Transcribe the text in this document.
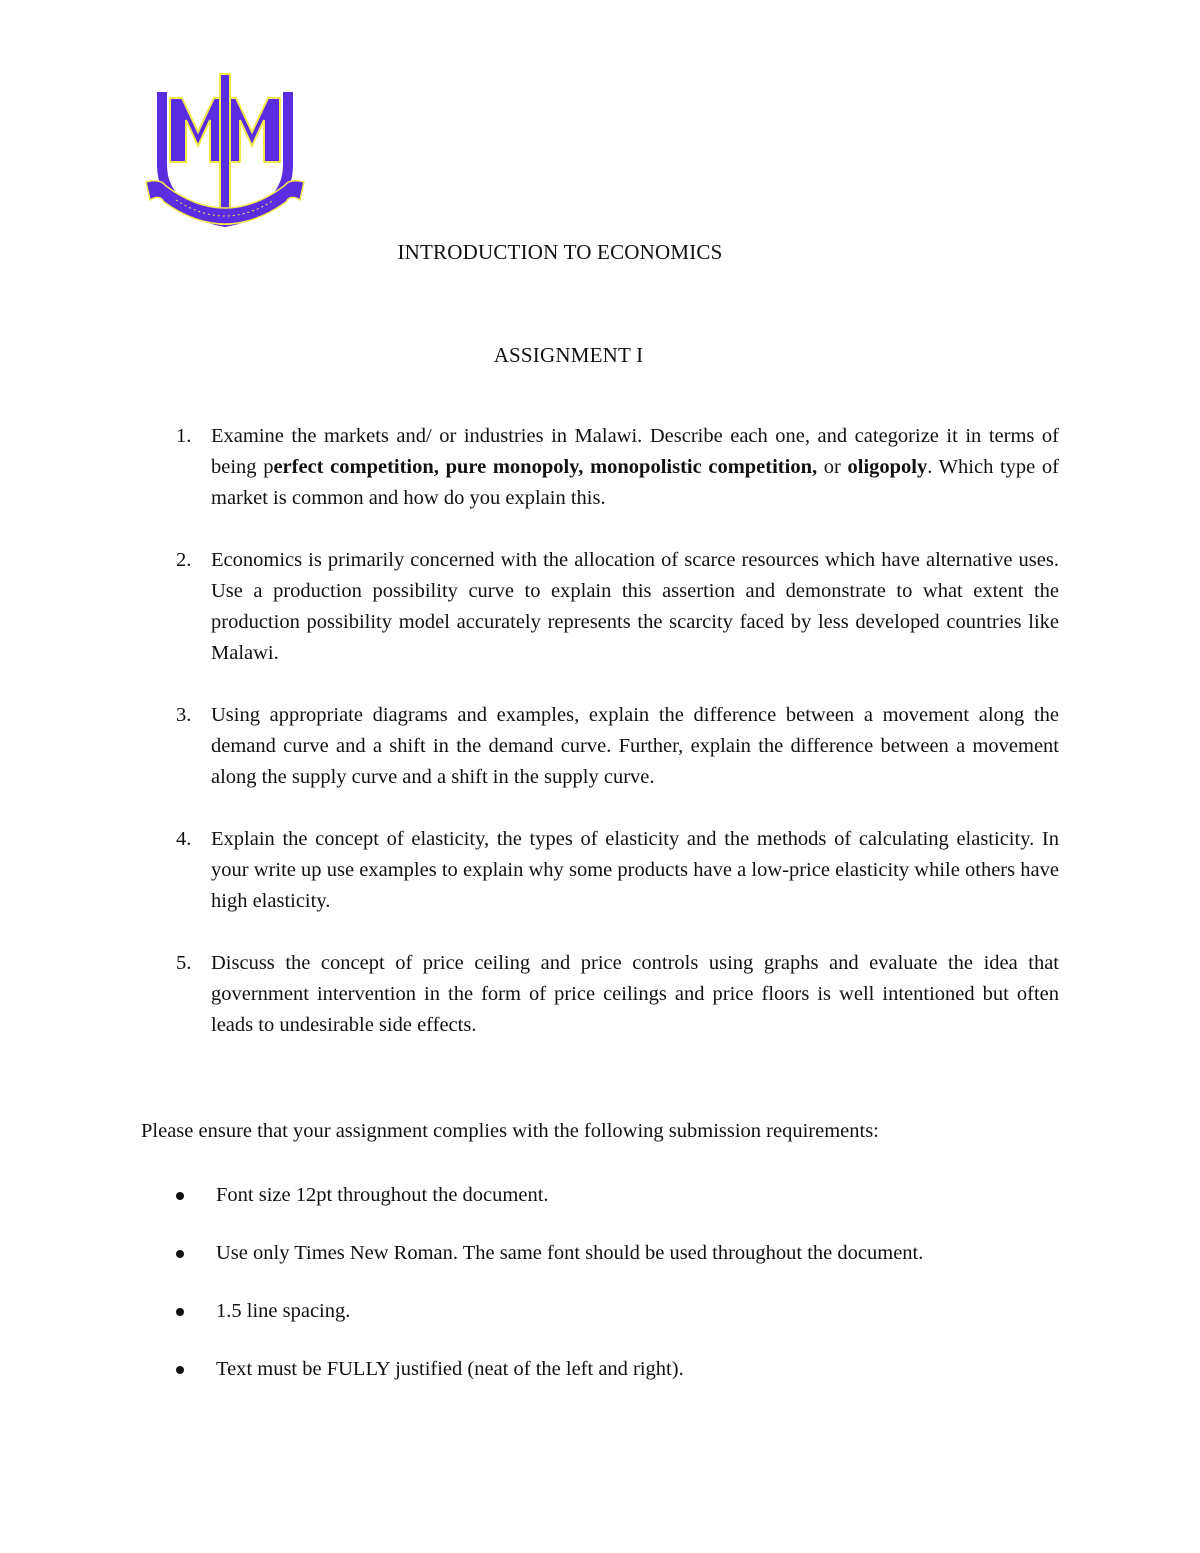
INTRODUCTION TO ECONOMICS
ASSIGNMENT I
1. Examine the markets and/ or industries in Malawi. Describe each one, and categorize it in terms of being perfect competition, pure monopoly, monopolistic competition, or oligopoly. Which type of market is common and how do you explain this.
2. Economics is primarily concerned with the allocation of scarce resources which have alternative uses. Use a production possibility curve to explain this assertion and demonstrate to what extent the production possibility model accurately represents the scarcity faced by less developed countries like Malawi.
3. Using appropriate diagrams and examples, explain the difference between a movement along the demand curve and a shift in the demand curve. Further, explain the difference between a movement along the supply curve and a shift in the supply curve.
4. Explain the concept of elasticity, the types of elasticity and the methods of calculating elasticity. In your write up use examples to explain why some products have a low-price elasticity while others have high elasticity.
5. Discuss the concept of price ceiling and price controls using graphs and evaluate the idea that government intervention in the form of price ceilings and price floors is well intentioned but often leads to undesirable side effects.

Please ensure that your assignment complies with the following submission requirements:

Font size 12pt throughout the document.
Use only Times New Roman. The same font should be used throughout the document.
1.5 line spacing.
Text must be FULLY justified (neat of the left and right).
